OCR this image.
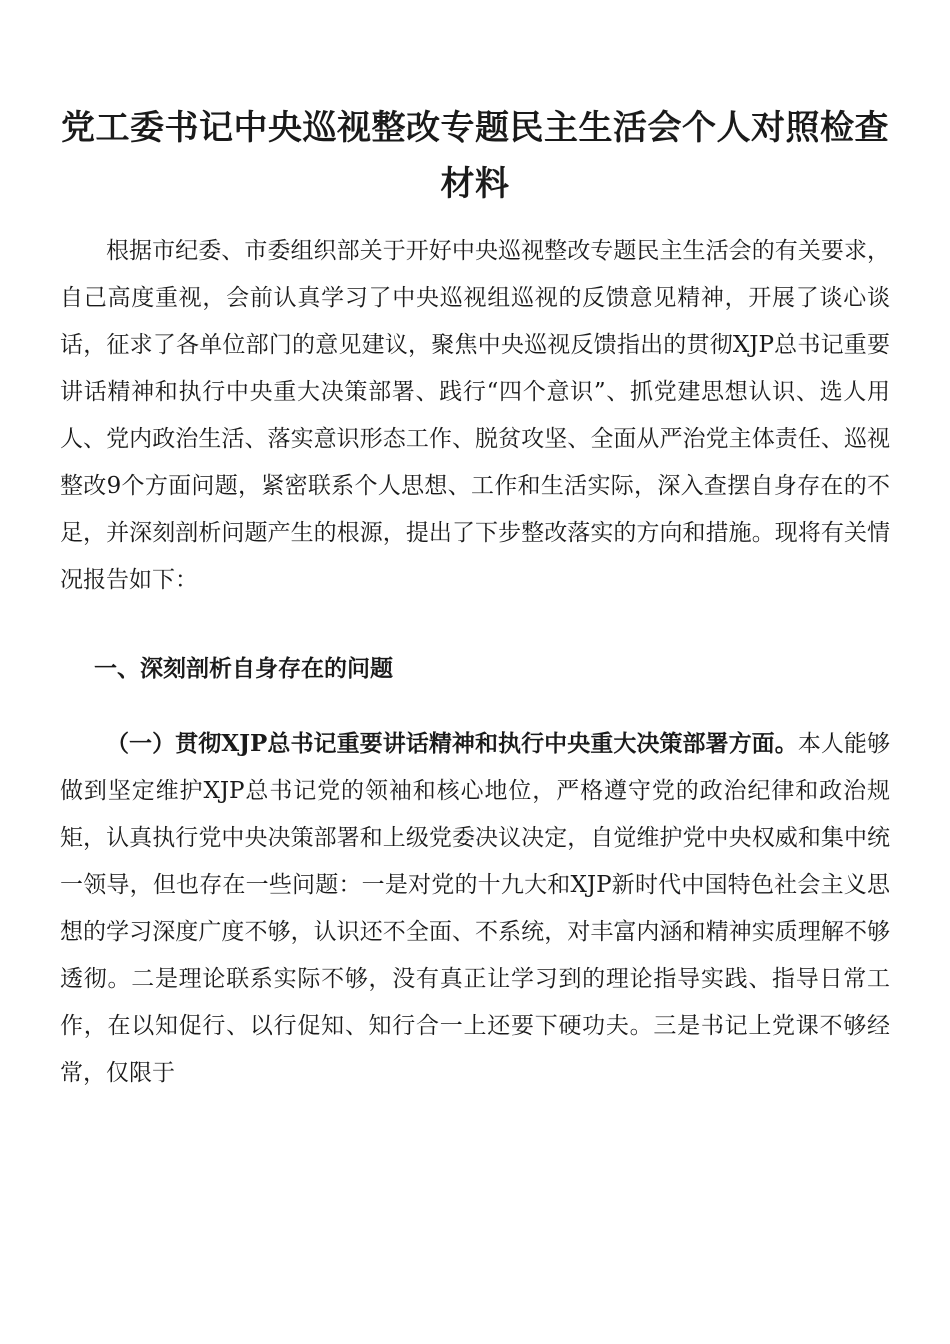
党工委书记中央巡视整改专题民主生活会个人对照检查材料

根据市纪委、市委组织部关于开好中央巡视整改专题民主生活会的有关要求，自己高度重视，会前认真学习了中央巡视组巡视的反馈意见精神，开展了谈心谈话，征求了各单位部门的意见建议，聚焦中央巡视反馈指出的贯彻XJP总书记重要讲话精神和执行中央重大决策部署、践行“四个意识”、抓党建思想认识、选人用人、党内政治生活、落实意识形态工作、脱贫攻坚、全面从严治党主体责任、巡视整改9个方面问题，紧密联系个人思想、工作和生活实际，深入查摆自身存在的不足，并深刻剖析问题产生的根源，提出了下步整改落实的方向和措施。现将有关情况报告如下：

一、深刻剖析自身存在的问题

（一）贯彻XJP总书记重要讲话精神和执行中央重大决策部署方面。本人能够做到坚定维护XJP总书记党的领袖和核心地位，严格遵守党的政治纪律和政治规矩，认真执行党中央决策部署和上级党委决议决定，自觉维护党中央权威和集中统一领导，但也存在一些问题：一是对党的十九大和XJP新时代中国特色社会主义思想的学习深度广度不够，认识还不全面、不系统，对丰富内涵和精神实质理解不够透彻。二是理论联系实际不够，没有真正让学习到的理论指导实践、指导日常工作，在以知促行、以行促知、知行合一上还要下硬功夫。三是书记上党课不够经常，仅限于
